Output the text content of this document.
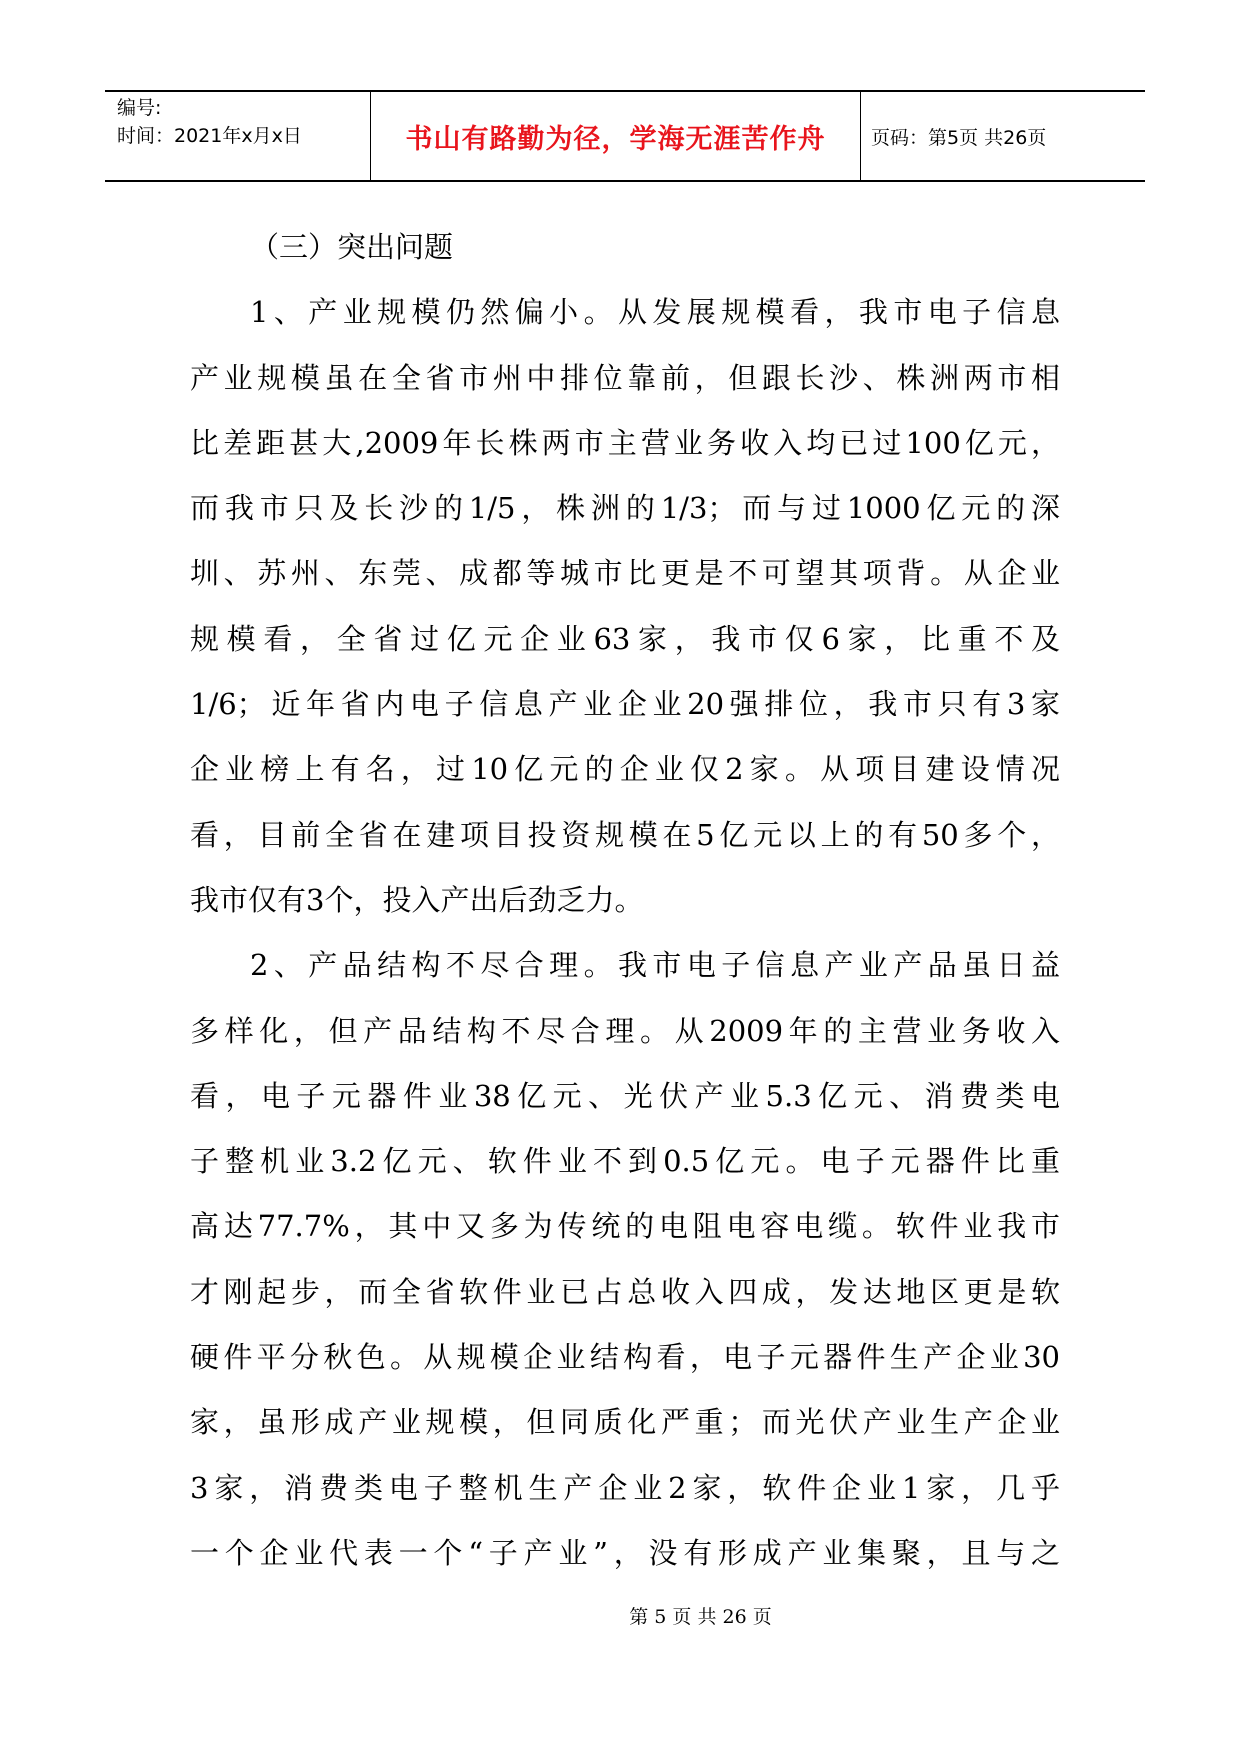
编号:
时间：2021年x月x日	书山有路勤为径，学海无涯苦作舟	页码：第5页 共26页
（三）突出问题
1、产业规模仍然偏小。从发展规模看，我市电子信息
产业规模虽在全省市州中排位靠前，但跟长沙、株洲两市相
比差距甚大,2009年长株两市主营业务收入均已过100亿元，
而我市只及长沙的1/5，株洲的1/3；而与过1000亿元的深
圳、苏州、东莞、成都等城市比更是不可望其项背。从企业
规模看，全省过亿元企业63家，我市仅6家，比重不及
1/6；近年省内电子信息产业企业20强排位，我市只有3家
企业榜上有名，过10亿元的企业仅2家。从项目建设情况
看，目前全省在建项目投资规模在5亿元以上的有50多个，
我市仅有3个，投入产出后劲乏力。
2、产品结构不尽合理。我市电子信息产业产品虽日益
多样化，但产品结构不尽合理。从2009年的主营业务收入
看，电子元器件业38亿元、光伏产业5.3亿元、消费类电
子整机业3.2亿元、软件业不到0.5亿元。电子元器件比重
高达77.7%，其中又多为传统的电阻电容电缆。软件业我市
才刚起步，而全省软件业已占总收入四成，发达地区更是软
硬件平分秋色。从规模企业结构看，电子元器件生产企业30
家，虽形成产业规模，但同质化严重；而光伏产业生产企业
3家，消费类电子整机生产企业2家，软件企业1家，几乎
一个企业代表一个“子产业”，没有形成产业集聚，且与之
第 5 页 共 26 页
